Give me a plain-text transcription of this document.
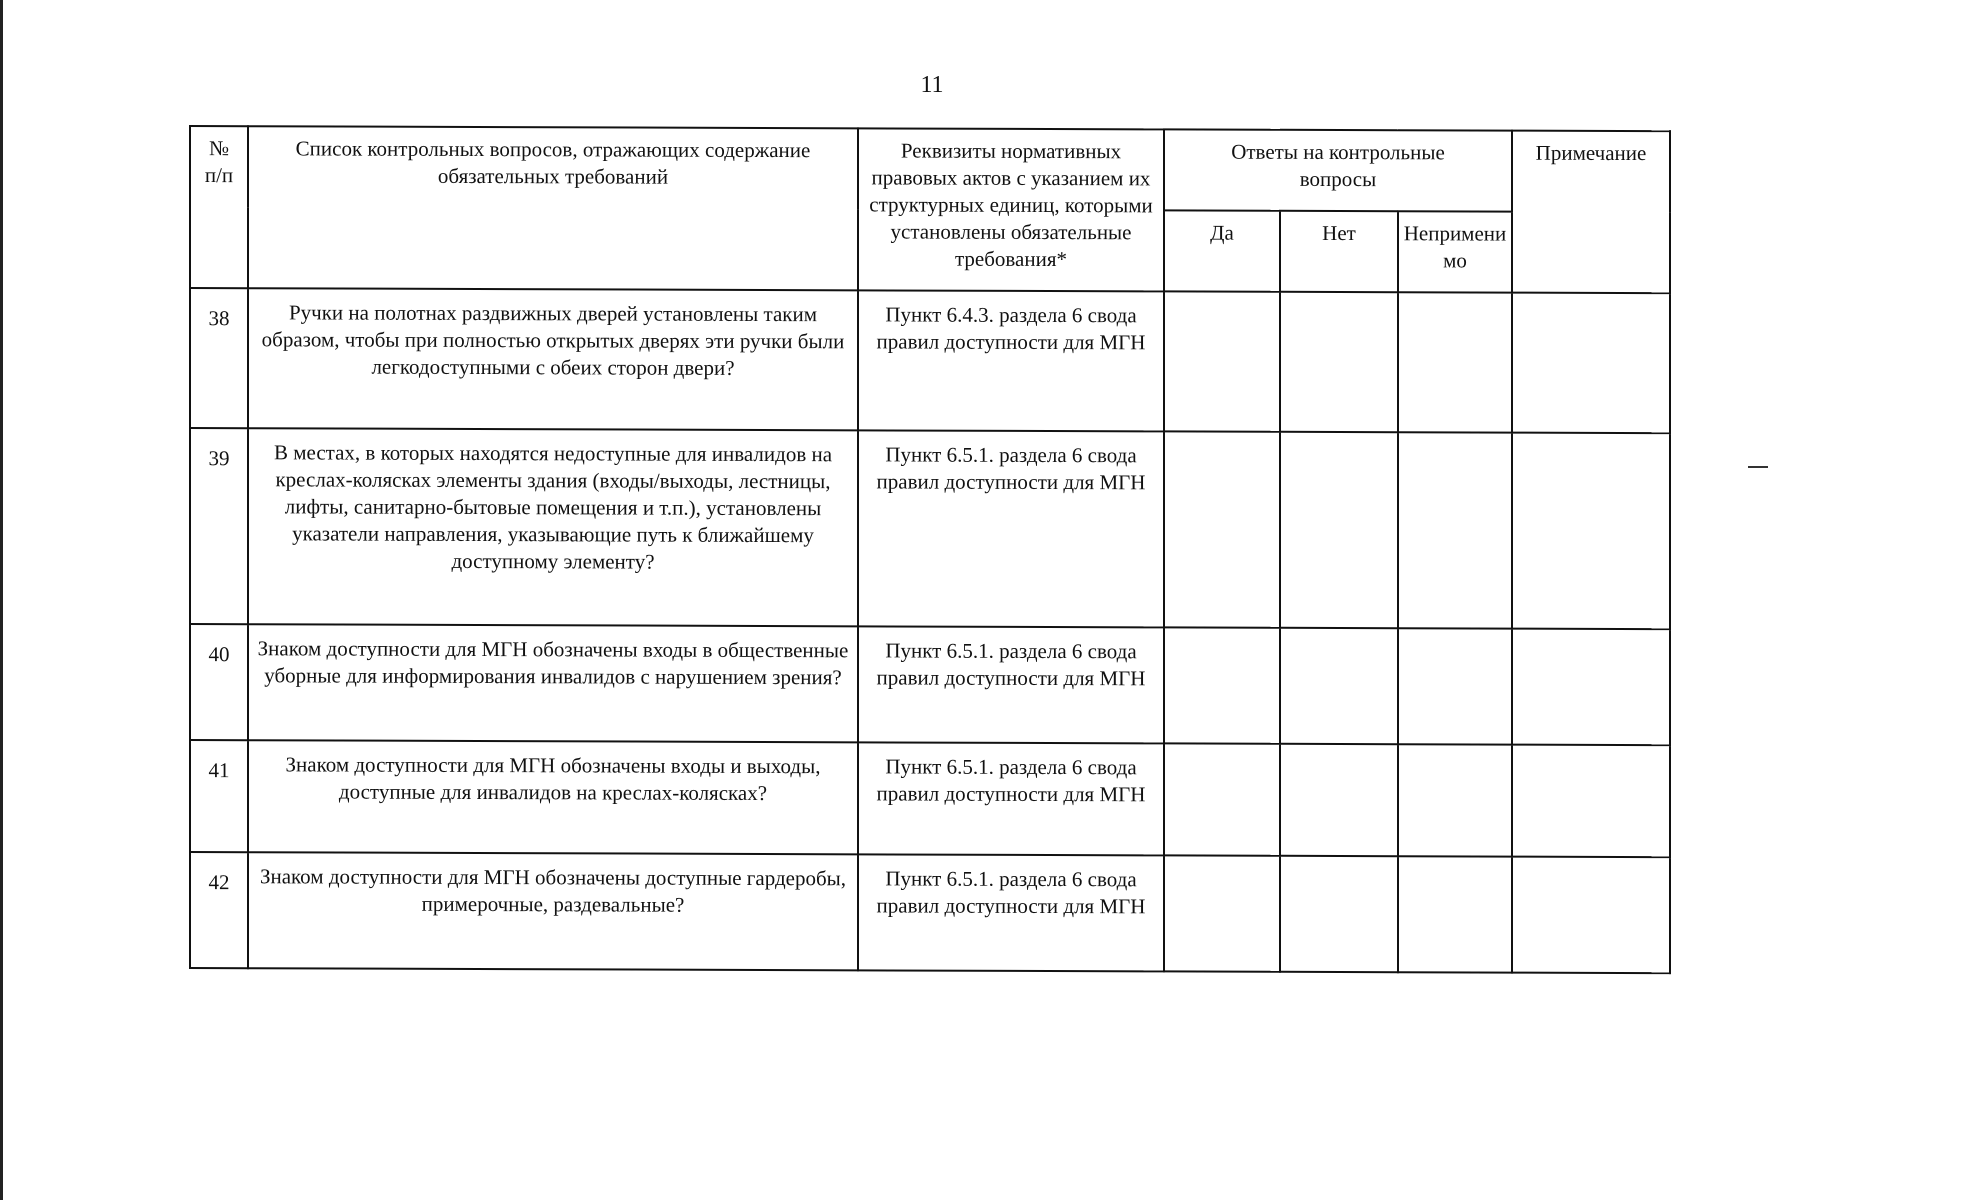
11
№ п/п	Список контрольных вопросов, отражающих содержание обязательных требований	Реквизиты нормативных правовых актов с указанием их структурных единиц, которыми установлены обязательные требования*	Ответы на контрольные вопросы			Примечание
			Да	Нет	Неприменимо	
38	Ручки на полотнах раздвижных дверей установлены таким образом, чтобы при полностью открытых дверях эти ручки были легкодоступными с обеих сторон двери?	Пункт 6.4.3. раздела 6 свода правил доступности для МГН				
39	В местах, в которых находятся недоступные для инвалидов на креслах-колясках элементы здания (входы/выходы, лестницы, лифты, санитарно-бытовые помещения и т.п.), установлены указатели направления, указывающие путь к ближайшему доступному элементу?	Пункт 6.5.1. раздела 6 свода правил доступности для МГН				
40	Знаком доступности для МГН обозначены входы в общественные уборные для информирования инвалидов с нарушением зрения?	Пункт 6.5.1. раздела 6 свода правил доступности для МГН				
41	Знаком доступности для МГН обозначены входы и выходы, доступные для инвалидов на креслах-колясках?	Пункт 6.5.1. раздела 6 свода правил доступности для МГН				
42	Знаком доступности для МГН обозначены доступные гардеробы, примерочные, раздевальные?	Пункт 6.5.1. раздела 6 свода правил доступности для МГН				
